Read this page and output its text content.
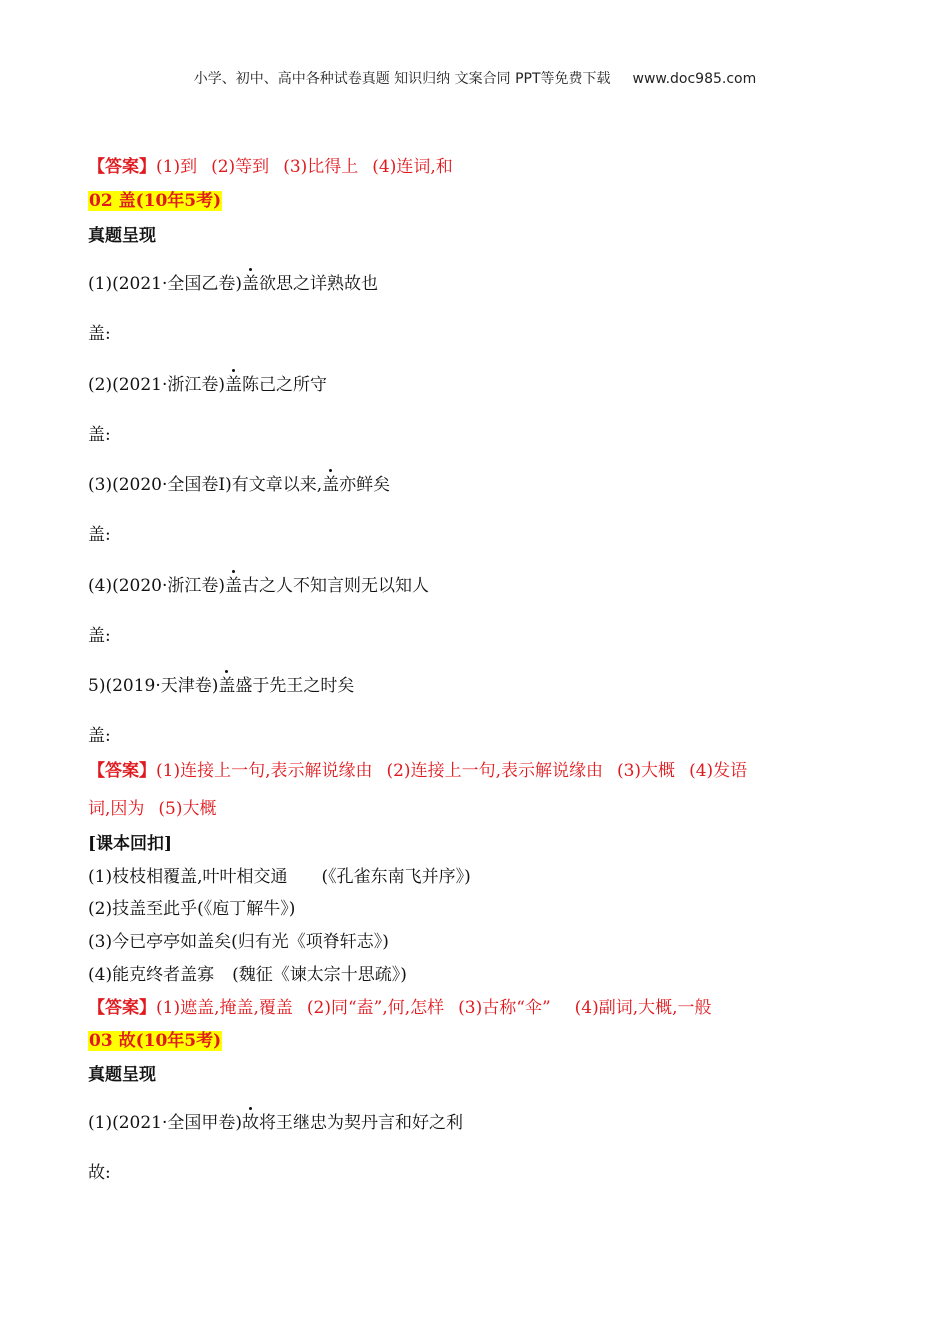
小学、初中、高中各种试卷真题 知识归纳 文案合同 PPT等免费下载 www.doc985.com
【答案】(1)到 (2)等到 (3)比得上 (4)连词,和
02 盖(10年5考)
真题呈现
(1)(2021·全国乙卷)盖欲思之详熟故也
盖:
(2)(2021·浙江卷)盖陈己之所守
盖:
(3)(2020·全国卷Ⅰ)有文章以来,盖亦鲜矣
盖:
(4)(2020·浙江卷)盖古之人不知言则无以知人
盖:
5)(2019·天津卷)盖盛于先王之时矣
盖:
【答案】(1)连接上一句,表示解说缘由 (2)连接上一句,表示解说缘由 (3)大概 (4)发语
词,因为 (5)大概
[课本回扣]
(1)枝枝相覆盖,叶叶相交通 (《孔雀东南飞并序》)
(2)技盖至此乎(《庖丁解牛》)
(3)今已亭亭如盖矣(归有光《项脊轩志》)
(4)能克终者盖寡 (魏征《谏太宗十思疏》)
【答案】(1)遮盖,掩盖,覆盖 (2)同“盍”,何,怎样 (3)古称“伞” (4)副词,大概,一般
03 故(10年5考)
真题呈现
(1)(2021·全国甲卷)故将王继忠为契丹言和好之利
故:
